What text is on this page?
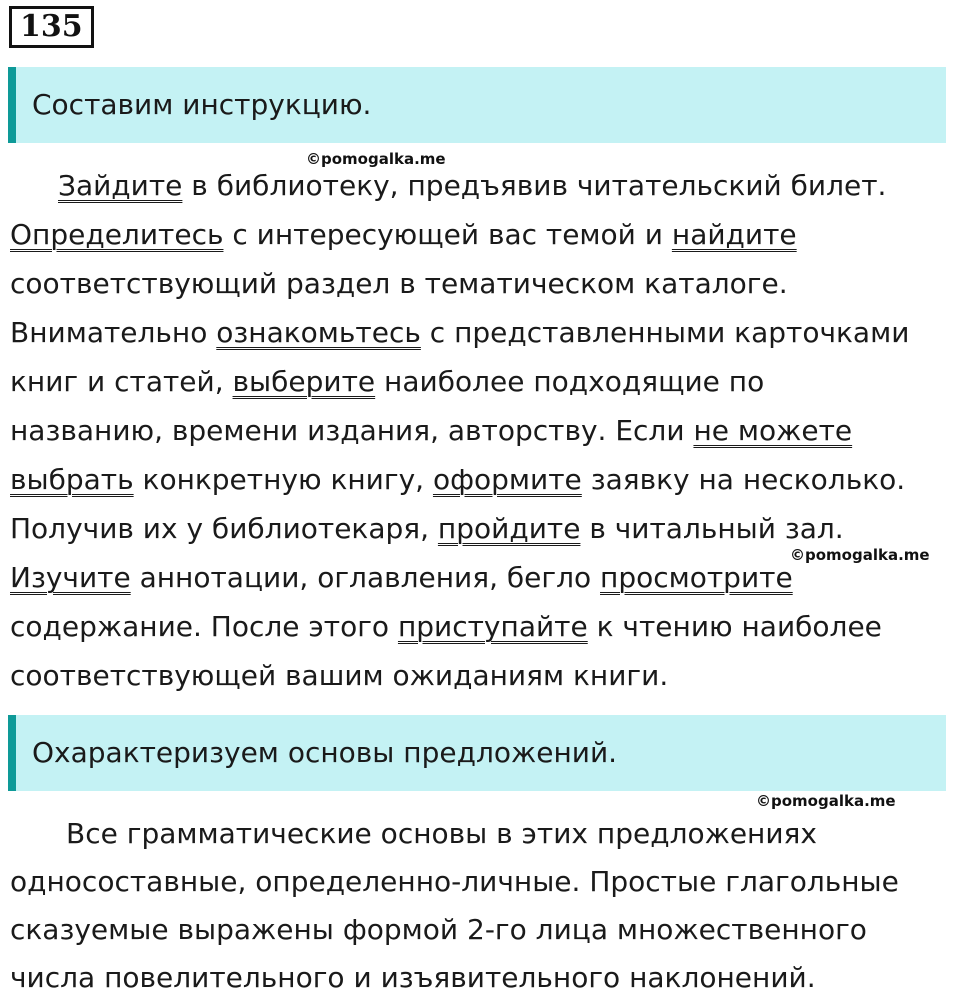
135
Составим инструкцию.
©pomogalka.me
Зайдите в библиотеку, предъявив читательский билет.
Определитесь с интересующей вас темой и найдите
соответствующий раздел в тематическом каталоге.
Внимательно ознакомьтесь с представленными карточками
книг и статей, выберите наиболее подходящие по
названию, времени издания, авторству. Если не можете
выбрать конкретную книгу, оформите заявку на несколько.
Получив их у библиотекаря, пройдите в читальный зал.
Изучите аннотации, оглавления, бегло просмотрите
содержание. После этого приступайте к чтению наиболее
соответствующей вашим ожиданиям книги.
©pomogalka.me
Охарактеризуем основы предложений.
©pomogalka.me
Все грамматические основы в этих предложениях
односоставные, определенно-личные. Простые глагольные
сказуемые выражены формой 2-го лица множественного
числа повелительного и изъявительного наклонений.
